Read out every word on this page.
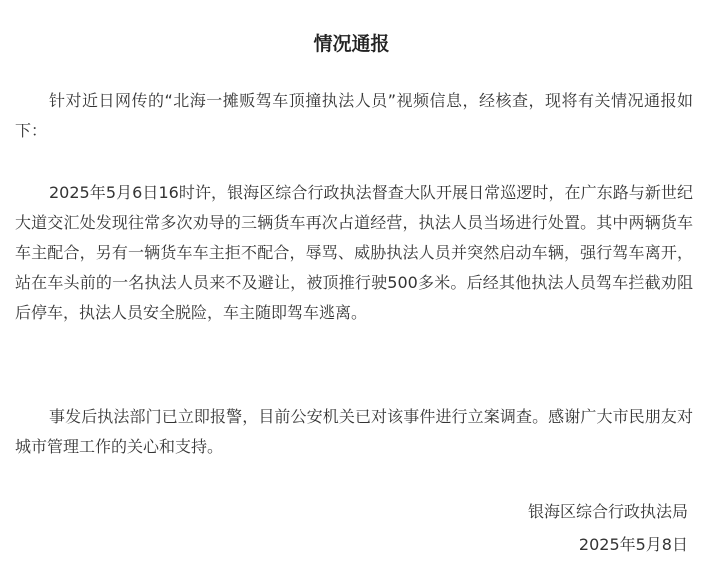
情况通报

针对近日网传的“北海一摊贩驾车顶撞执法人员”视频信息，经核查，现将有关情况通报如下：

2025年5月6日16时许，银海区综合行政执法督查大队开展日常巡逻时，在广东路与新世纪大道交汇处发现往常多次劝导的三辆货车再次占道经营，执法人员当场进行处置。其中两辆货车车主配合，另有一辆货车车主拒不配合，辱骂、威胁执法人员并突然启动车辆，强行驾车离开，站在车头前的一名执法人员来不及避让，被顶推行驶500多米。后经其他执法人员驾车拦截劝阻后停车，执法人员安全脱险，车主随即驾车逃离。

事发后执法部门已立即报警，目前公安机关已对该事件进行立案调查。感谢广大市民朋友对城市管理工作的关心和支持。

银海区综合行政执法局

2025年5月8日
